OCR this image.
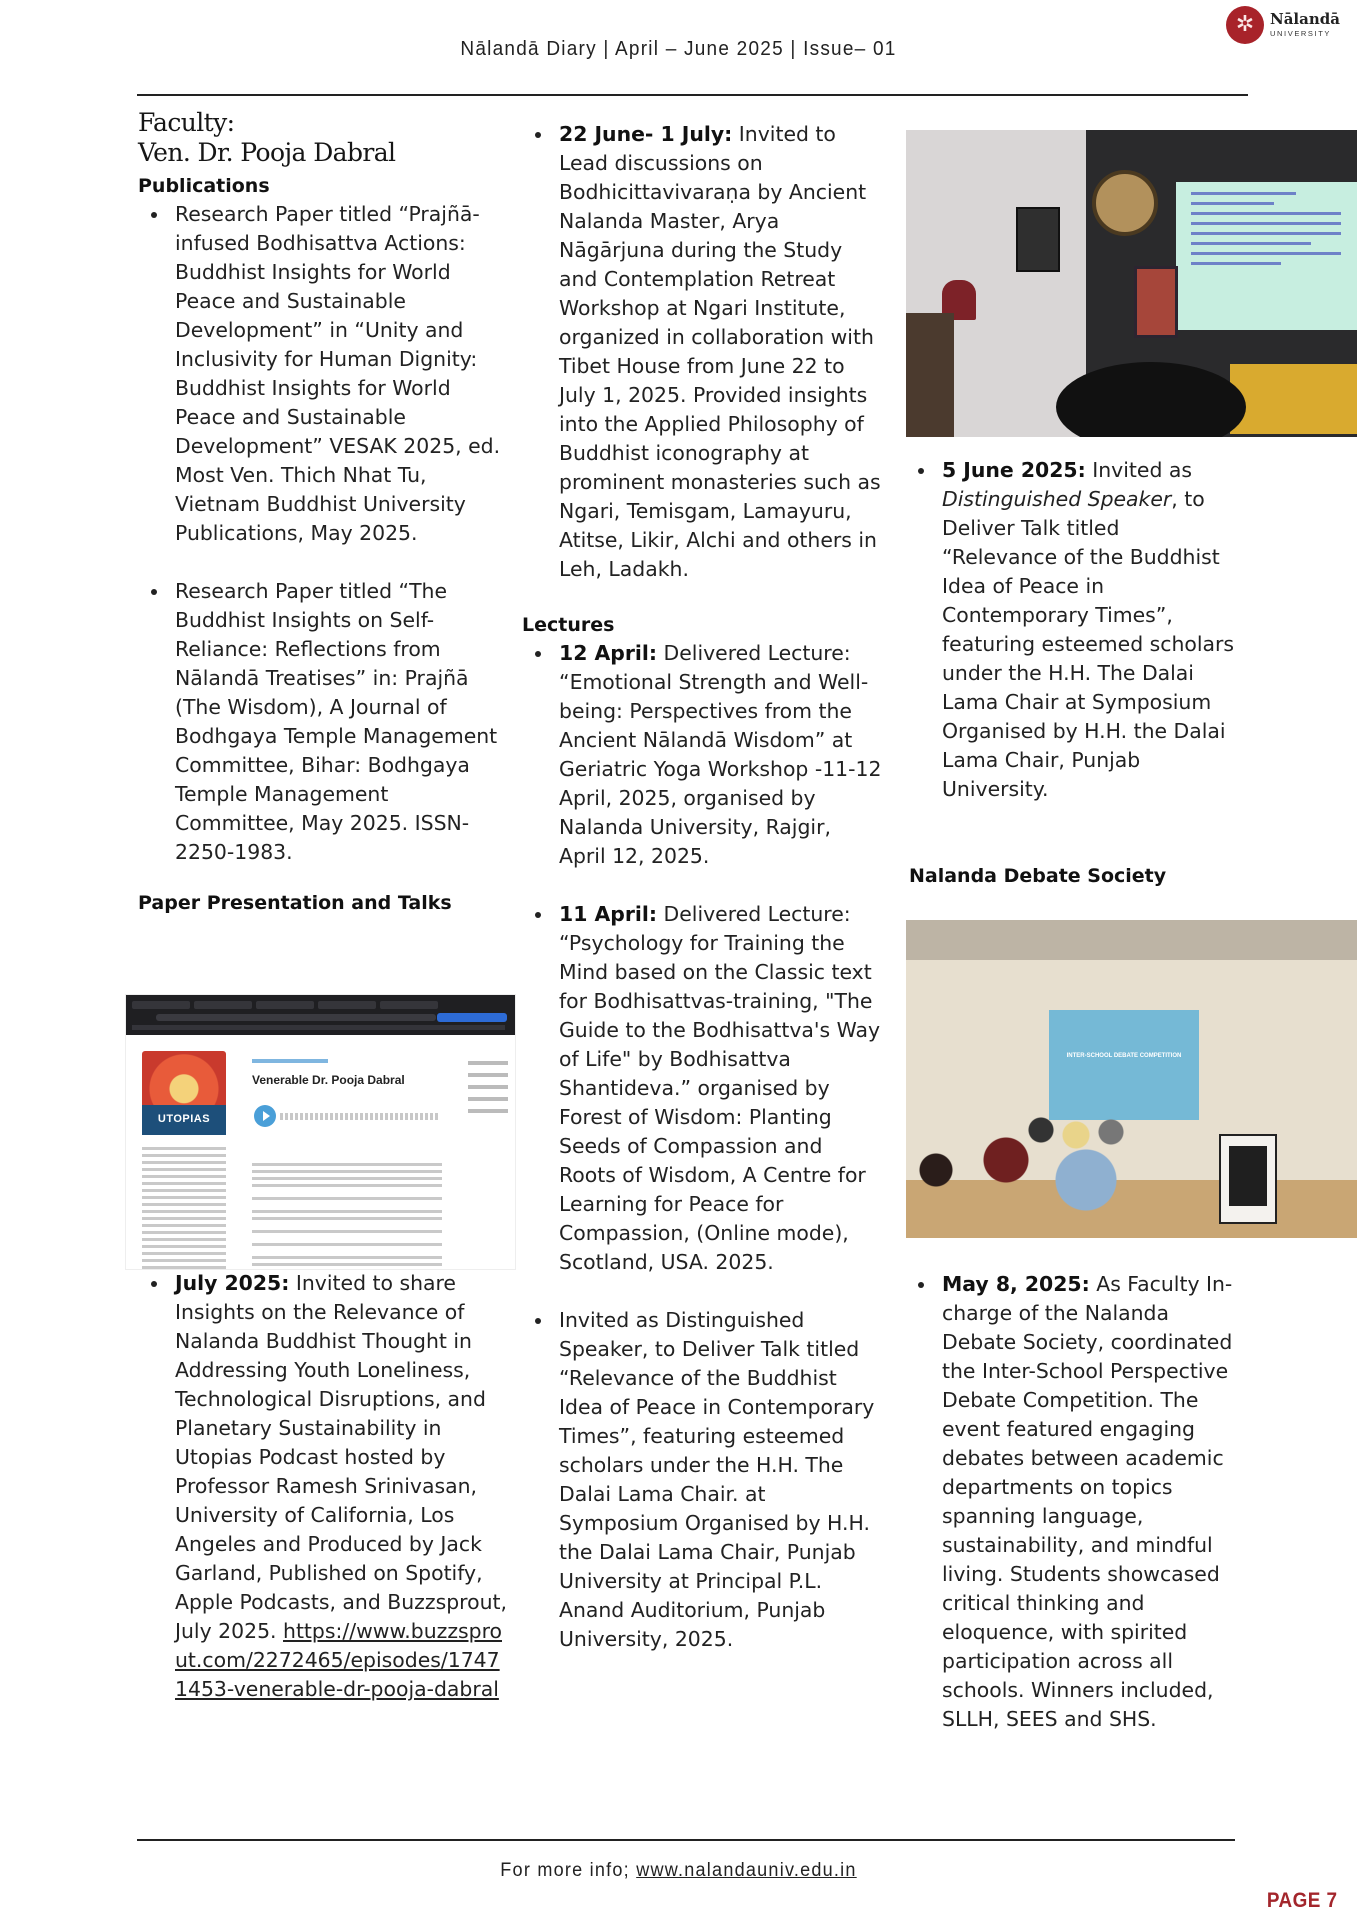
✲	Nālandā
UNIVERSITY
Nālandā Diary | April – June 2025 | Issue– 01
Faculty:
Ven. Dr. Pooja Dabral
Publications
Research Paper titled “Prajñā-infused Bodhisattva Actions: Buddhist Insights for World Peace and Sustainable Development” in “Unity and Inclusivity for Human Dignity: Buddhist Insights for World Peace and Sustainable Development” VESAK 2025, ed. Most Ven. Thich Nhat Tu, Vietnam Buddhist University Publications, May 2025.
Research Paper titled “The Buddhist Insights on Self-Reliance: Reflections from Nālandā Treatises” in: Prajñā (The Wisdom), A Journal of Bodhgaya Temple Management Committee, Bihar: Bodhgaya Temple Management Committee, May 2025. ISSN-2250-1983.
Paper Presentation and Talks
July 2025: Invited to share Insights on the Relevance of Nalanda Buddhist Thought in Addressing Youth Loneliness, Technological Disruptions, and Planetary Sustainability in Utopias Podcast hosted by Professor Ramesh Srinivasan, University of California, Los Angeles and Produced by Jack Garland, Published on Spotify, Apple Podcasts, and Buzzsprout, July 2025. https://www.buzzsprout.com/2272465/episodes/17471453-venerable-dr-pooja-dabral
UTOPIAS
Venerable Dr. Pooja Dabral
22 June- 1 July: Invited to Lead discussions on Bodhicittavivaraṇa by Ancient Nalanda Master, Arya Nāgārjuna during the Study and Contemplation Retreat Workshop at Ngari Institute, organized in collaboration with Tibet House from June 22 to July 1, 2025. Provided insights into the Applied Philosophy of Buddhist iconography at prominent monasteries such as Ngari, Temisgam, Lamayuru, Atitse, Likir, Alchi and others in Leh, Ladakh.
Lectures
12 April: Delivered Lecture: “Emotional Strength and Well-being: Perspectives from the Ancient Nālandā Wisdom” at Geriatric Yoga Workshop -11-12 April, 2025, organised by Nalanda University, Rajgir, April 12, 2025.
11 April: Delivered Lecture: “Psychology for Training the Mind based on the Classic text for Bodhisattvas-training, "The Guide to the Bodhisattva's Way of Life" by Bodhisattva Shantideva.” organised by Forest of Wisdom: Planting Seeds of Compassion and Roots of Wisdom, A Centre for Learning for Peace for Compassion, (Online mode), Scotland, USA. 2025.
Invited as Distinguished Speaker, to Deliver Talk titled “Relevance of the Buddhist Idea of Peace in Contemporary Times”, featuring esteemed scholars under the H.H. The Dalai Lama Chair. at Symposium Organised by H.H. the Dalai Lama Chair, Punjab University at Principal P.L. Anand Auditorium, Punjab University, 2025.
5 June 2025: Invited as Distinguished Speaker, to Deliver Talk titled “Relevance of the Buddhist Idea of Peace in Contemporary Times”, featuring esteemed scholars under the H.H. The Dalai Lama Chair at Symposium Organised by H.H. the Dalai Lama Chair, Punjab University.
Nalanda Debate Society
INTER-SCHOOL DEBATE COMPETITION
May 8, 2025: As Faculty In-charge of the Nalanda Debate Society, coordinated the Inter-School Perspective Debate Competition. The event featured engaging debates between academic departments on topics spanning language, sustainability, and mindful living. Students showcased critical thinking and eloquence, with spirited participation across all schools. Winners included, SLLH, SEES and SHS.
For more info; www.nalandauniv.edu.in
PAGE 7
